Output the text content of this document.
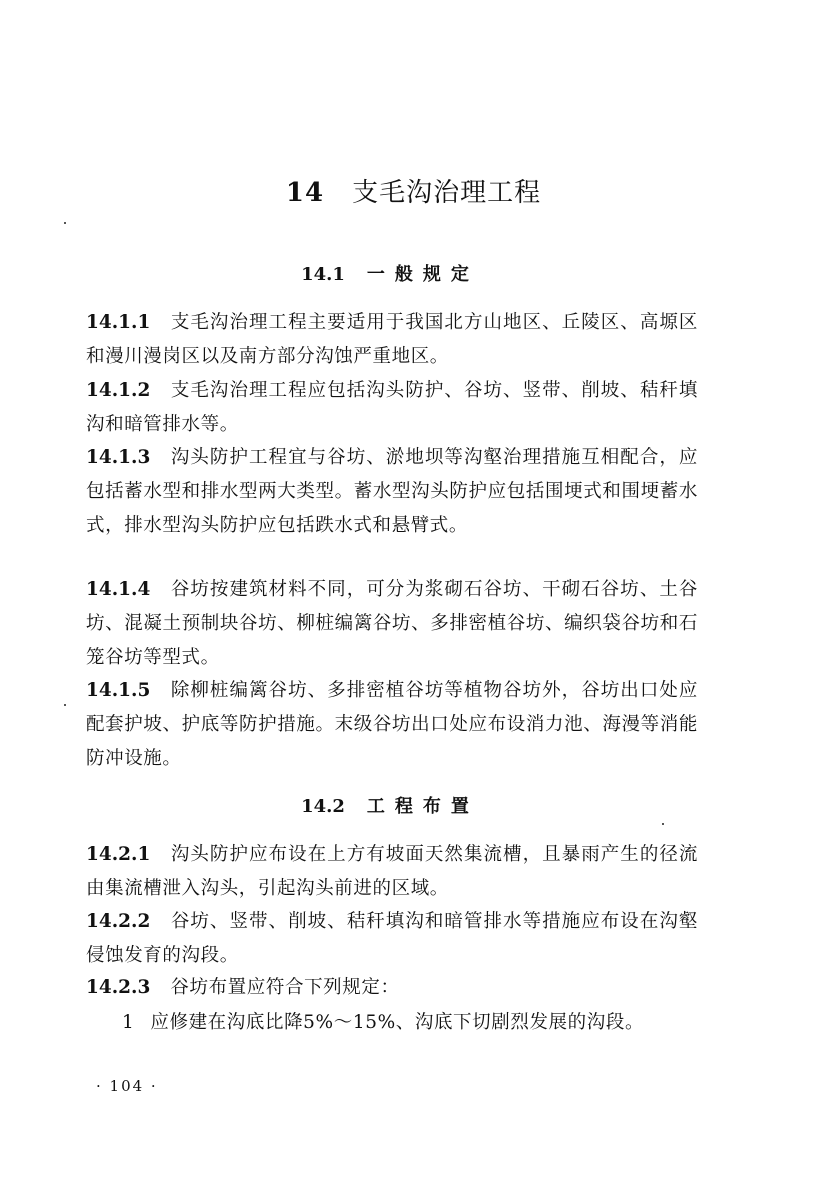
14 支毛沟治理工程
14.1 一般规定
14.1.1 支毛沟治理工程主要适用于我国北方山地区、丘陵区、高塬区和漫川漫岗区以及南方部分沟蚀严重地区。
14.1.2 支毛沟治理工程应包括沟头防护、谷坊、竖带、削坡、秸秆填沟和暗管排水等。
14.1.3 沟头防护工程宜与谷坊、淤地坝等沟壑治理措施互相配合，应包括蓄水型和排水型两大类型。蓄水型沟头防护应包括围埂式和围埂蓄水式，排水型沟头防护应包括跌水式和悬臂式。
14.1.4 谷坊按建筑材料不同，可分为浆砌石谷坊、干砌石谷坊、土谷坊、混凝土预制块谷坊、柳桩编篱谷坊、多排密植谷坊、编织袋谷坊和石笼谷坊等型式。
14.1.5 除柳桩编篱谷坊、多排密植谷坊等植物谷坊外，谷坊出口处应配套护坡、护底等防护措施。末级谷坊出口处应布设消力池、海漫等消能防冲设施。
14.2 工程布置
14.2.1 沟头防护应布设在上方有坡面天然集流槽，且暴雨产生的径流由集流槽泄入沟头，引起沟头前进的区域。
14.2.2 谷坊、竖带、削坡、秸秆填沟和暗管排水等措施应布设在沟壑侵蚀发育的沟段。
14.2.3 谷坊布置应符合下列规定：
1 应修建在沟底比降5%～15%、沟底下切剧烈发展的沟段。
· 104 ·
